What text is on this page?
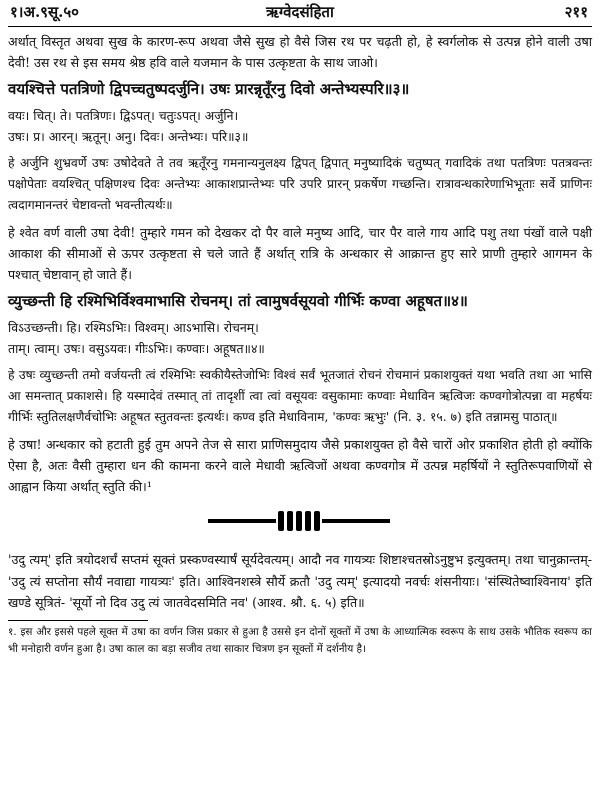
१।अ.९सू.५०	ऋग्वेदसंहिता	२११

अर्थात् विस्तृत अथवा सुख के कारण-रूप अथवा जैसे सुख हो वैसे जिस रथ पर चढ़ती हो, हे स्वर्गलोक से उत्पन्न होने वाली उषा देवी! उस रथ से इस समय श्रेष्ठ हवि वाले यजमान के पास उत्कृष्टता के साथ जाओ।

वयश्चित्ते पतत्रिणो द्विपच्चतुष्पदर्जुनि। उषः प्रारन्नृतूँरनु दिवो अन्तेभ्यस्परि॥३॥

वयः। चित्। ते। पतत्रिणः। द्विऽपत्। चतुःऽपत्। अर्जुनि।

उषः। प्र। आरन्। ऋतून्। अनु। दिवः। अन्तेभ्यः। परि॥३॥

हे अर्जुनि शुभ्रवर्णे उषः उषोदेवते ते तव ऋतूँरनु गमनान्यनुलक्ष्य द्विपत् द्विपात् मनुष्यादिकं चतुष्पत् गवादिकं तथा पतत्रिणः पतत्रवन्तः पक्षोपेताः वयश्चित् पक्षिणश्च दिवः अन्तेभ्यः आकाशप्रान्तेभ्यः परि उपरि प्रारन् प्रकर्षेण गच्छन्ति। रात्रावन्धकारेणाभिभूताः सर्वे प्राणिनः त्वदागमानन्तरं चेष्टावन्तो भवन्तीत्यर्थः॥

हे श्वेत वर्ण वाली उषा देवी! तुम्हारे गमन को देखकर दो पैर वाले मनुष्य आदि, चार पैर वाले गाय आदि पशु तथा पंखों वाले पक्षी आकाश की सीमाओं से ऊपर उत्कृष्टता से चले जाते हैं अर्थात् रात्रि के अन्धकार से आक्रान्त हुए सारे प्राणी तुम्हारे आगमन के पश्चात् चेष्टावान् हो जाते हैं।

व्युच्छन्ती हि रश्मिभिर्विश्वमाभासि रोचनम्। तां त्वामुषर्वसूयवो गीर्भिः कण्वा अहूषत॥४॥

विऽउच्छन्ती। हि। रश्मिऽभिः। विश्वम्। आऽभासि। रोचनम्।

ताम्। त्वाम्। उषः। वसुऽयवः। गीःऽभिः। कण्वाः। अहूषत॥४॥

हे उषः व्युच्छन्ती तमो वर्जयन्ती त्वं रश्मिभिः स्वकीयैस्तेजोभिः विश्वं सर्वं भूतजातं रोचनं रोचमानं प्रकाशयुक्तं यथा भवति तथा आ भासि आ समन्तात् प्रकाशसे। हि यस्मादेवं तस्मात् तां तादृशीं त्वा त्वां वसूयवः वसुकामाः कण्वाः मेधाविन ऋत्विजः कण्वगोत्रोत्पन्ना वा महर्षयः गीर्भिः स्तुतिलक्षणैर्वचोभिः अहूषत स्तुतवन्तः इत्यर्थः। कण्व इति मेधाविनाम, 'कण्वः ऋभुः' (नि. ३. १५. ७) इति तन्नामसु पाठात्॥

हे उषा! अन्धकार को हटाती हुई तुम अपने तेज से सारा प्राणिसमुदाय जैसे प्रकाशयुक्त हो वैसे चारों ओर प्रकाशित होती हो क्योंकि ऐसा है, अतः वैसी तुम्हारा धन की कामना करने वाले मेधावी ऋत्विजों अथवा कण्वगोत्र में उत्पन्न महर्षियों ने स्तुतिरूपवाणियों से आह्वान किया अर्थात् स्तुति की।¹

'उदु त्यम्' इति त्रयोदशर्चं सप्तमं सूक्तं प्रस्कण्वस्यार्षं सूर्यदेवत्यम्। आदौ नव गायत्र्यः शिष्टाश्चतस्रोऽनुष्टुभ इत्युक्तम्। तथा चानुक्रान्तम्- 'उदु त्यं सप्तोना सौर्यं नवाद्या गायत्र्यः' इति। आश्विनशस्त्रे सौर्ये क्रतौ 'उदु त्यम्' इत्यादयो नवर्चः शंसनीयाः। 'संस्थितेष्वाश्विनाय' इति खण्डे सूत्रितं- 'सूर्यो नो दिव उदु त्यं जातवेदसमिति नव' (आश्व. श्रौ. ६. ५) इति॥

१. इस और इससे पहले सूक्त में उषा का वर्णन जिस प्रकार से हुआ है उससे इन दोनों सूक्तों में उषा के आध्यात्मिक स्वरूप के साथ उसके भौतिक स्वरूप का भी मनोहारी वर्णन हुआ है। उषा काल का बड़ा सजीव तथा साकार चित्रण इन सूक्तों में दर्शनीय है।
